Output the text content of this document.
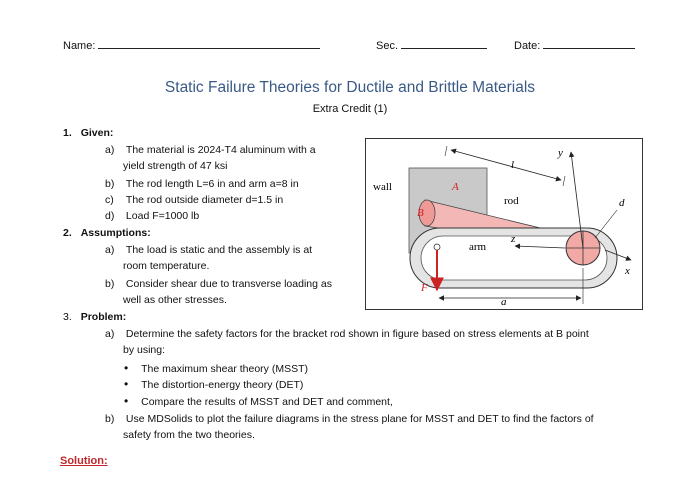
Name:	Sec.	Date:
Static Failure Theories for Ductile and Brittle Materials
Extra Credit (1)
1. Given:
a) The material is 2024-T4 aluminum with a
yield strength of 47 ksi
b) The rod length L=6 in and arm a=8 in
c) The rod outside diameter d=1.5 in
d) Load F=1000 lb
2. Assumptions:
a) The load is static and the assembly is at
room temperature.
b) Consider shear due to transverse loading as
well as other stresses.
3. Problem:
a) Determine the safety factors for the bracket rod shown in figure based on stress elements at B point
by using:
• The maximum shear theory (MSST)
• The distortion-energy theory (DET)
• Compare the results of MSST and DET and comment,
b) Use MDSolids to plot the failure diagrams in the stress plane for MSST and DET to find the factors of
safety from the two theories.
Solution:
wall
rod
arm
A
B
F
l
a
d
x
y
z
